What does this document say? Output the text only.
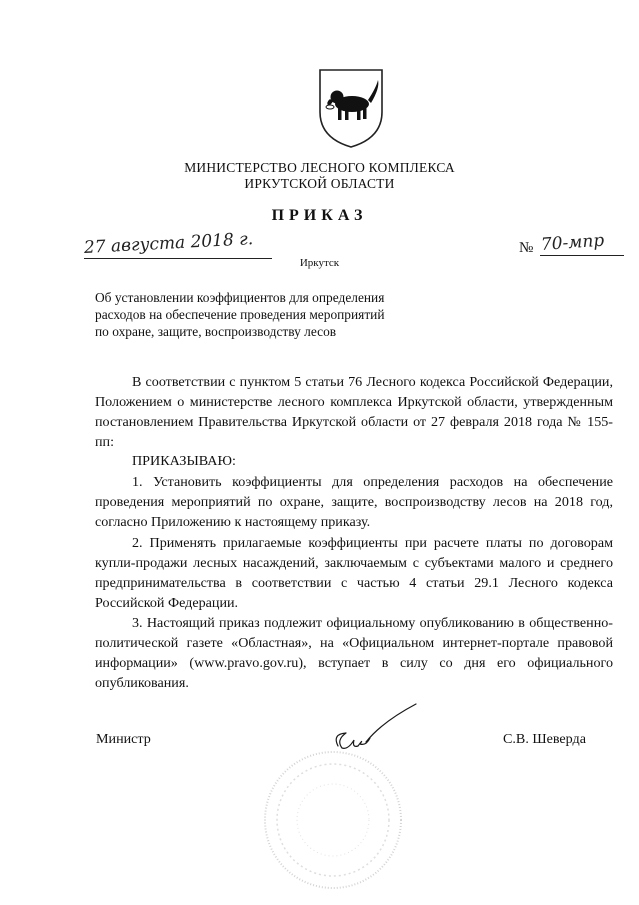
МИНИСТЕРСТВО ЛЕСНОГО КОМПЛЕКСА
ИРКУТСКОЙ ОБЛАСТИ
ПРИКАЗ
27 августа 2018 г.
Иркутск
№ 70-мпр
Об установлении коэффициентов для определения расходов на обеспечение проведения мероприятий по охране, защите, воспроизводству лесов
В соответствии с пунктом 5 статьи 76 Лесного кодекса Российской Федерации, Положением о министерстве лесного комплекса Иркутской области, утвержденным постановлением Правительства Иркутской области от 27 февраля 2018 года № 155-пп:
ПРИКАЗЫВАЮ:
1. Установить коэффициенты для определения расходов на обеспечение проведения мероприятий по охране, защите, воспроизводству лесов на 2018 год, согласно Приложению к настоящему приказу.
2. Применять прилагаемые коэффициенты при расчете платы по договорам купли-продажи лесных насаждений, заключаемым с субъектами малого и среднего предпринимательства в соответствии с частью 4 статьи 29.1 Лесного кодекса Российской Федерации.
3. Настоящий приказ подлежит официальному опубликованию в общественно-политической газете «Областная», на «Официальном интернет-портале правовой информации» (www.pravo.gov.ru), вступает в силу со дня его официального опубликования.
Министр	С.В. Шеверда
